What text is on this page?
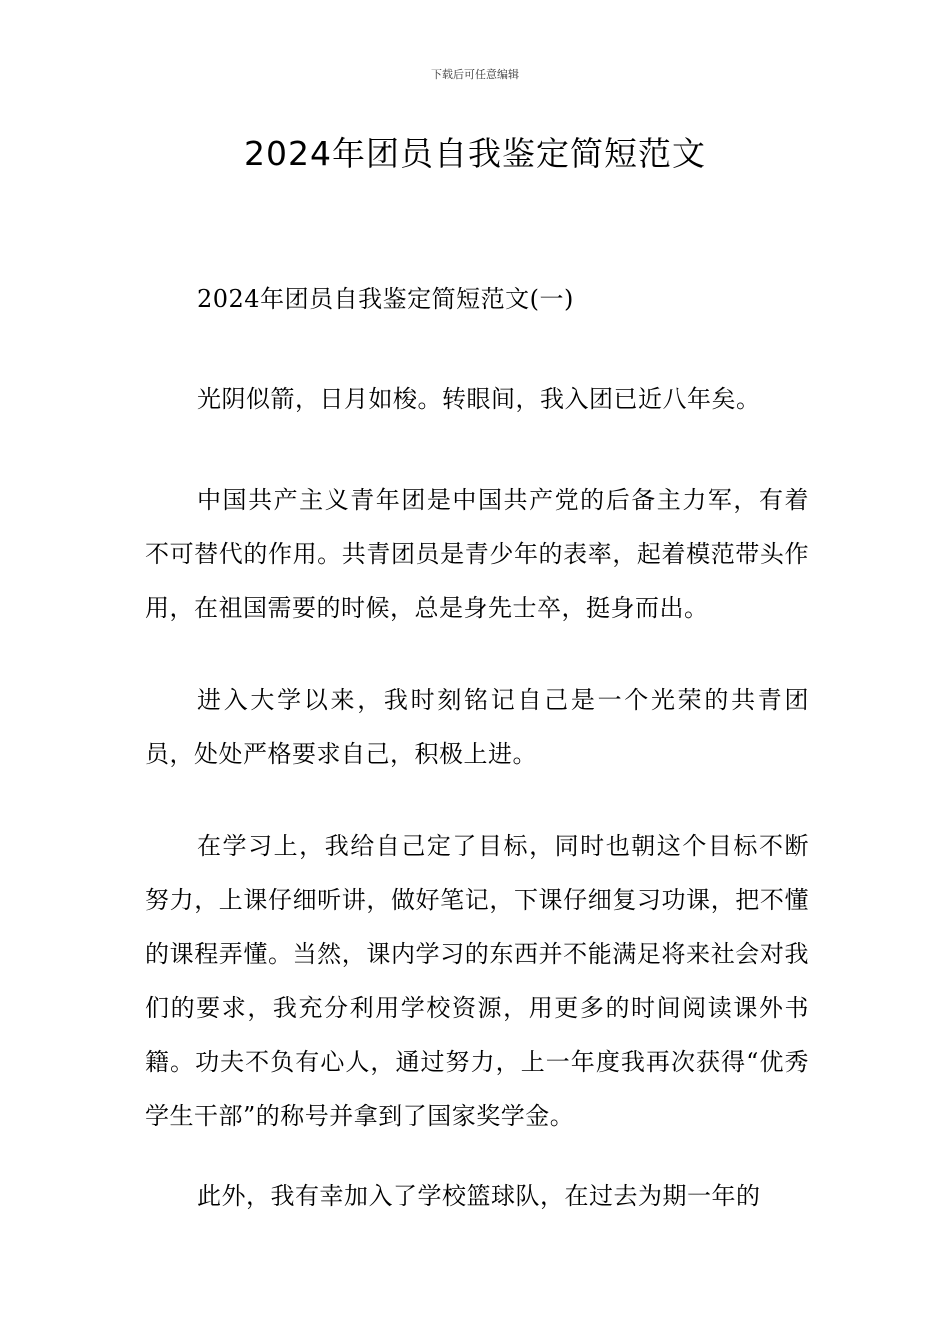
下载后可任意编辑
2024年团员自我鉴定简短范文

2024年团员自我鉴定简短范文(一)

光阴似箭，日月如梭。转眼间，我入团已近八年矣。

中国共产主义青年团是中国共产党的后备主力军，有着不可替代的作用。共青团员是青少年的表率，起着模范带头作用，在祖国需要的时候，总是身先士卒，挺身而出。

进入大学以来，我时刻铭记自己是一个光荣的共青团员，处处严格要求自己，积极上进。

在学习上，我给自己定了目标，同时也朝这个目标不断努力，上课仔细听讲，做好笔记，下课仔细复习功课，把不懂的课程弄懂。当然，课内学习的东西并不能满足将来社会对我们的要求，我充分利用学校资源，用更多的时间阅读课外书籍。功夫不负有心人，通过努力，上一年度我再次获得“优秀学生干部”的称号并拿到了国家奖学金。

此外，我有幸加入了学校篮球队，在过去为期一年的
